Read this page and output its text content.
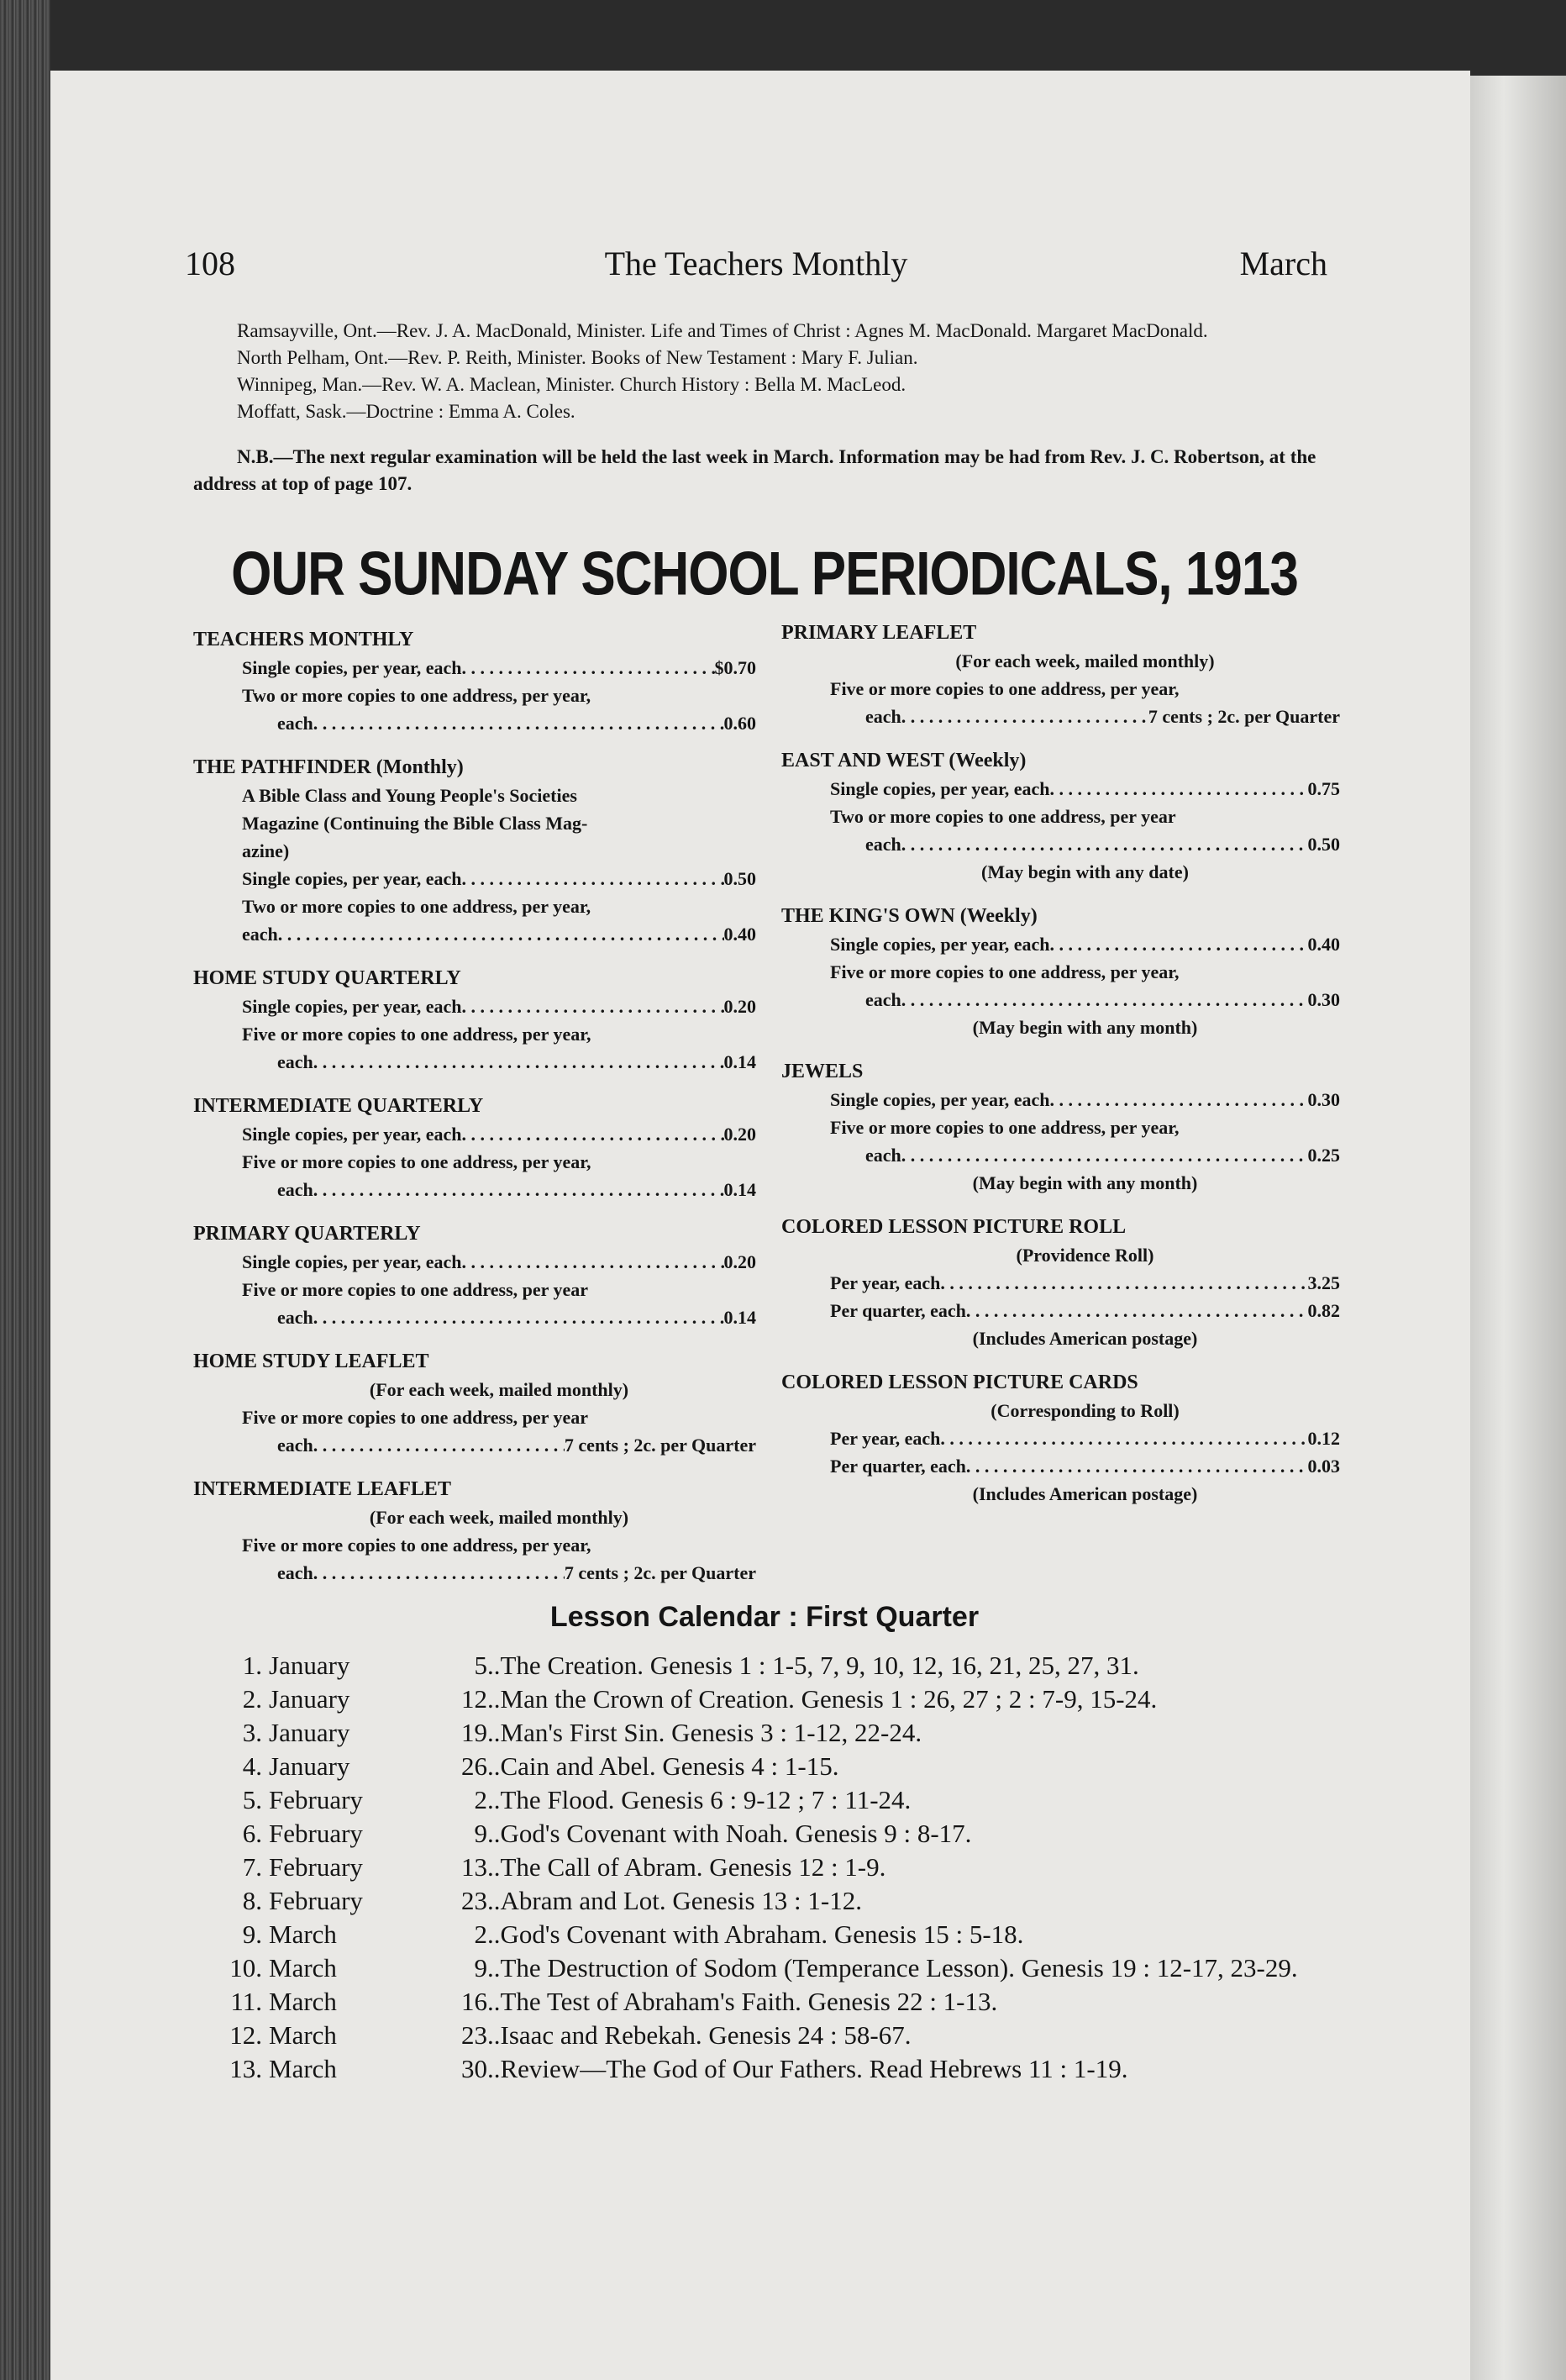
108	The Teachers Monthly	March

Ramsayville, Ont.—Rev. J. A. MacDonald, Minister. Life and Times of Christ : Agnes M. MacDonald. Margaret MacDonald.

North Pelham, Ont.—Rev. P. Reith, Minister. Books of New Testament : Mary F. Julian.

Winnipeg, Man.—Rev. W. A. Maclean, Minister. Church History : Bella M. MacLeod.

Moffatt, Sask.—Doctrine : Emma A. Coles.

N.B.—The next regular examination will be held the last week in March. Information may be had from Rev. J. C. Robertson, at the address at top of page 107.

OUR SUNDAY SCHOOL PERIODICALS, 1913
TEACHERS MONTHLY
Single copies, per year, each . . .	$0.70
Two or more copies to one address, per year,
each . . .	0.60
THE PATHFINDER (Monthly)
A Bible Class and Young People's Societies
Magazine (Continuing the Bible Class Mag-
azine)
Single copies, per year, each . . .	0.50
Two or more copies to one address, per year,
each . . .	0.40
HOME STUDY QUARTERLY
Single copies, per year, each . . .	0.20
Five or more copies to one address, per year,
each . . .	0.14
INTERMEDIATE QUARTERLY
Single copies, per year, each . . .	0.20
Five or more copies to one address, per year,
each . . .	0.14
PRIMARY QUARTERLY
Single copies, per year, each . . .	0.20
Five or more copies to one address, per year
each . . .	0.14
HOME STUDY LEAFLET
(For each week, mailed monthly)
Five or more copies to one address, per year
each . . .	7 cents ; 2c. per Quarter
INTERMEDIATE LEAFLET
(For each week, mailed monthly)
Five or more copies to one address, per year,
each . . .	7 cents ; 2c. per Quarter
PRIMARY LEAFLET
(For each week, mailed monthly)
Five or more copies to one address, per year,
each . . .	7 cents ; 2c. per Quarter
EAST AND WEST (Weekly)
Single copies, per year, each . . .	0.75
Two or more copies to one address, per year
each . . .	0.50
(May begin with any date)
THE KING'S OWN (Weekly)
Single copies, per year, each . . .	0.40
Five or more copies to one address, per year,
each . . .	0.30
(May begin with any month)
JEWELS
Single copies, per year, each . . .	0.30
Five or more copies to one address, per year,
each . . .	0.25
(May begin with any month)
COLORED LESSON PICTURE ROLL
(Providence Roll)
Per year, each . . .	3.25
Per quarter, each . . .	0.82
(Includes American postage)
COLORED LESSON PICTURE CARDS
(Corresponding to Roll)
Per year, each . . .	0.12
Per quarter, each . . .	0.03
(Includes American postage)
Lesson Calendar : First Quarter
1. January	5 ..The Creation. Genesis 1 : 1-5, 7, 9, 10, 12, 16, 21, 25, 27, 31.
2. January	12 ..Man the Crown of Creation. Genesis 1 : 26, 27 ; 2 : 7-9, 15-24.
3. January	19 ..Man's First Sin. Genesis 3 : 1-12, 22-24.
4. January	26 ..Cain and Abel. Genesis 4 : 1-15.
5. February	2 ..The Flood. Genesis 6 : 9-12 ; 7 : 11-24.
6. February	9 ..God's Covenant with Noah. Genesis 9 : 8-17.
7. February	13 ..The Call of Abram. Genesis 12 : 1-9.
8. February	23 ..Abram and Lot. Genesis 13 : 1-12.
9. March	2 ..God's Covenant with Abraham. Genesis 15 : 5-18.
10. March	9 ..The Destruction of Sodom (Temperance Lesson). Genesis 19 : 12-17, 23-29.
11. March	16 ..The Test of Abraham's Faith. Genesis 22 : 1-13.
12. March	23 ..Isaac and Rebekah. Genesis 24 : 58-67.
13. March	30 ..Review—The God of Our Fathers. Read Hebrews 11 : 1-19.
